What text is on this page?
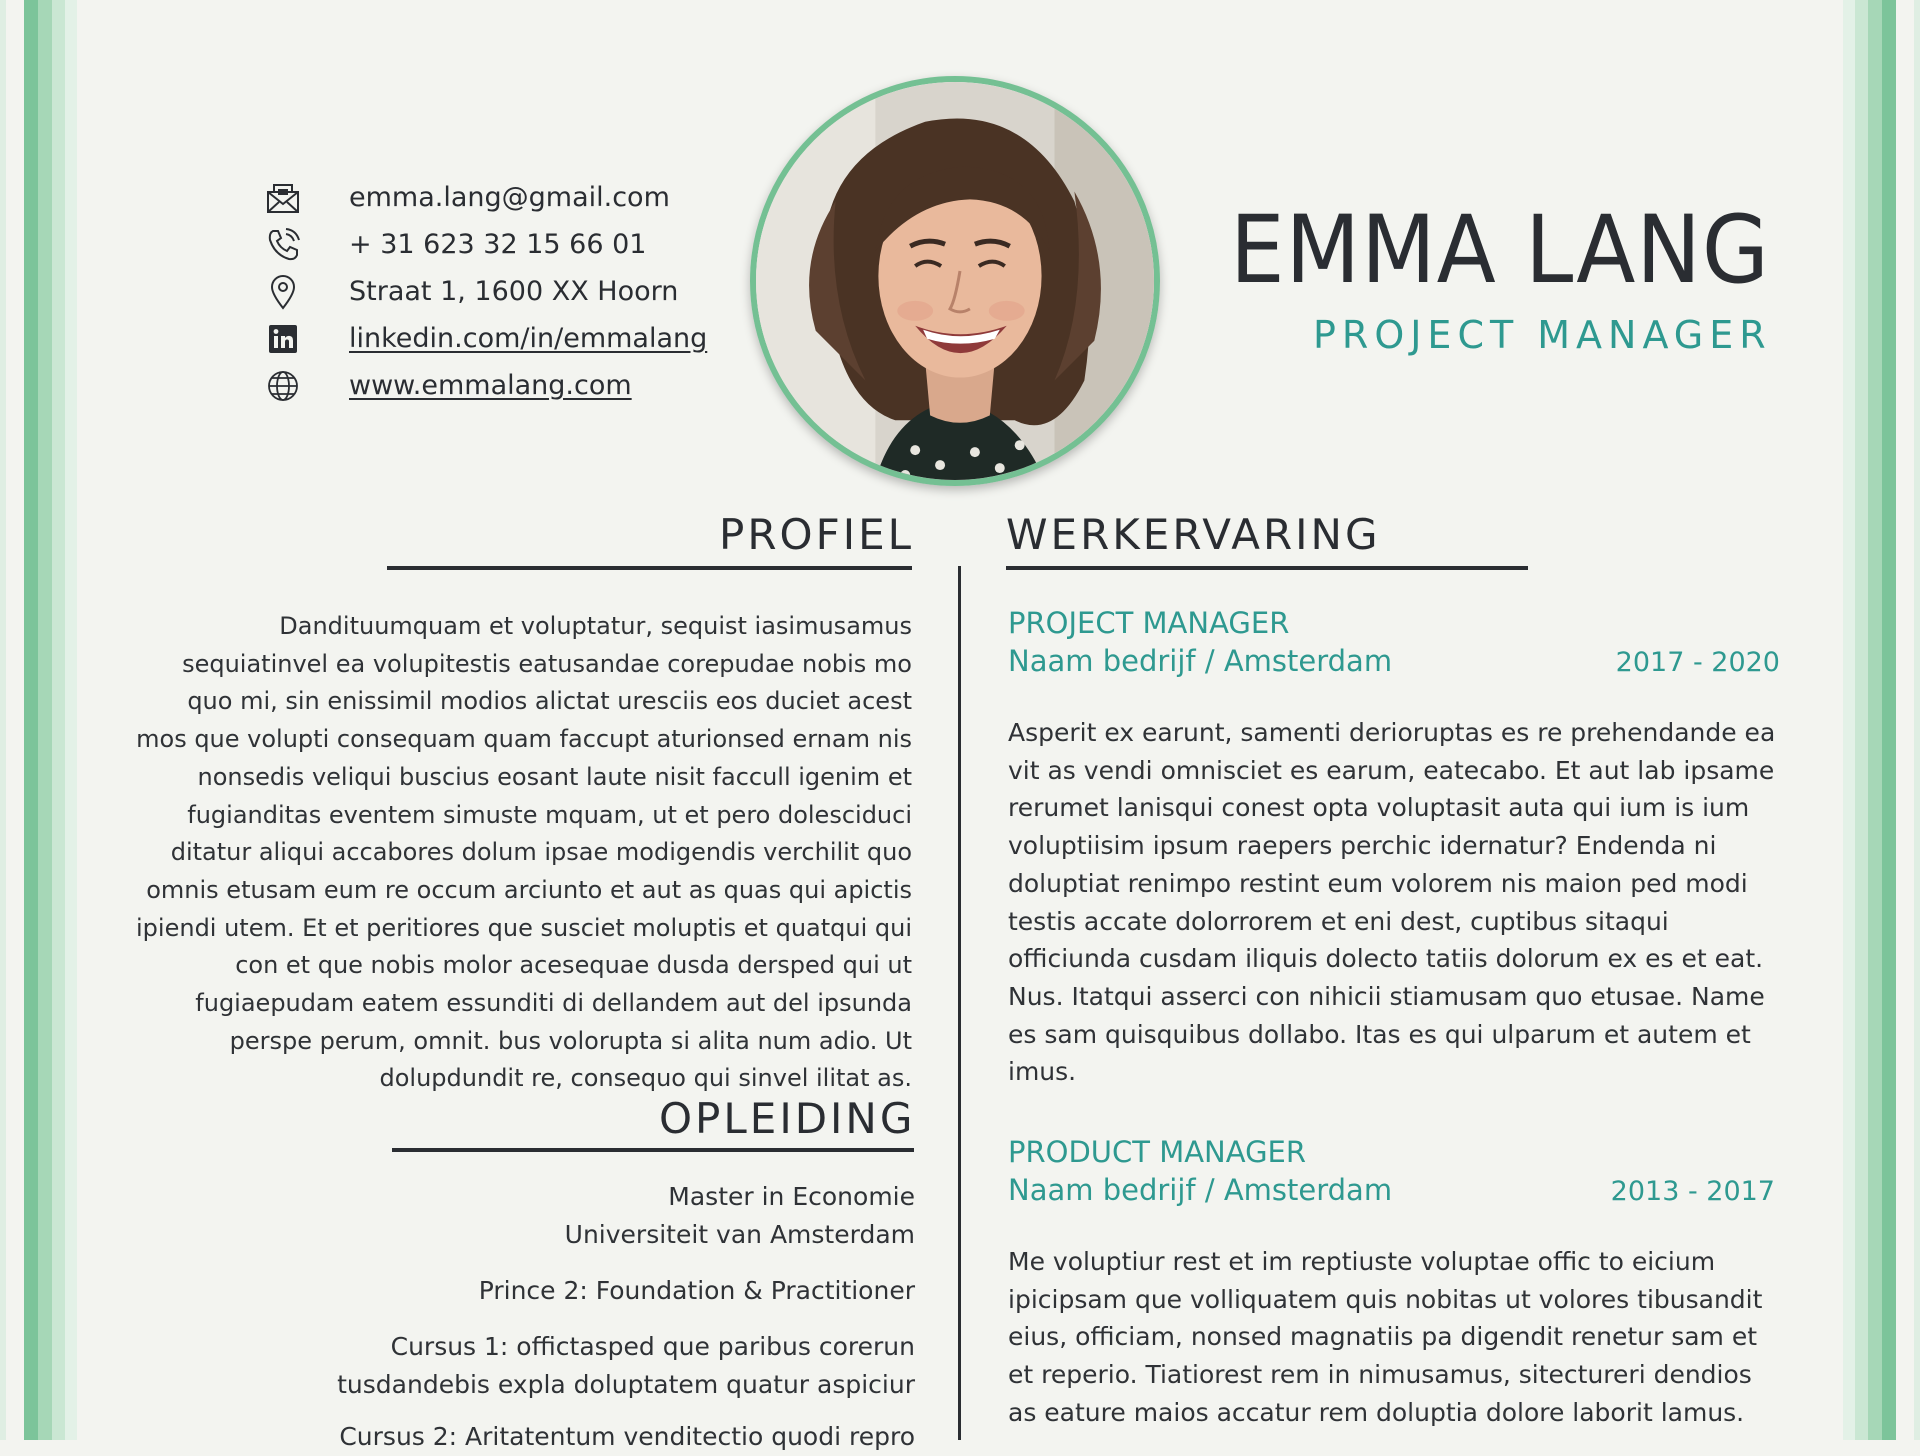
emma.lang@gmail.com
+ 31 623 32 15 66 01
Straat 1, 1600 XX Hoorn
linkedin.com/in/emmalang
www.emmalang.com
EMMA LANG
PROJECT MANAGER
PROFIEL
Dandituumquam et voluptatur, sequist iasimusamus sequiatinvel ea volupitestis eatusandae corepudae nobis mo quo mi, sin enissimil modios alictat uresciis eos duciet acest mos que volupti consequam quam faccupt aturionsed ernam nis nonsedis veliqui buscius eosant laute nisit faccull igenim et fugianditas eventem simuste mquam, ut et pero dolesciduci ditatur aliqui accabores dolum ipsae modigendis verchilit quo omnis etusam eum re occum arciunto et aut as quas qui apictis ipiendi utem. Et et peritiores que susciet moluptis et quatqui qui con et que nobis molor acesequae dusda dersped qui ut fugiaepudam eatem essunditi di dellandem aut del ipsunda perspe perum, omnit. bus volorupta si alita num adio. Ut dolupdundit re, consequo qui sinvel ilitat as.
OPLEIDING
Master in Economie
Universiteit van Amsterdam
Prince 2: Foundation & Practitioner
Cursus 1: offictasped que paribus corerun
tusdandebis expla doluptatem quatur aspiciur
Cursus 2: Aritatentum venditectio quodi repro
WERKERVARING
PROJECT MANAGER
Naam bedrijf / Amsterdam	2017 - 2020
Asperit ex earunt, samenti derioruptas es re prehendande ea vit as vendi omnisciet es earum, eatecabo. Et aut lab ipsame rerumet lanisqui conest opta voluptasit auta qui ium is ium voluptiisim ipsum raepers perchic idernatur? Endenda ni doluptiat renimpo restint eum volorem nis maion ped modi testis accate dolorrorem et eni dest, cuptibus sitaqui officiunda cusdam iliquis dolecto tatiis dolorum ex es et eat.
Nus. Itatqui asserci con nihicii stiamusam quo etusae. Name es sam quisquibus dollabo. Itas es qui ulparum et autem et imus.
PRODUCT MANAGER
Naam bedrijf / Amsterdam	2013 - 2017
Me voluptiur rest et im reptiuste voluptae offic to eicium ipicipsam que volliquatem quis nobitas ut volores tibusandit eius, officiam, nonsed magnatiis pa digendit renetur sam et et reperio. Tiatiorest rem in nimusamus, sitectureri dendios as eature maios accatur rem doluptia dolore laborit lamus.
